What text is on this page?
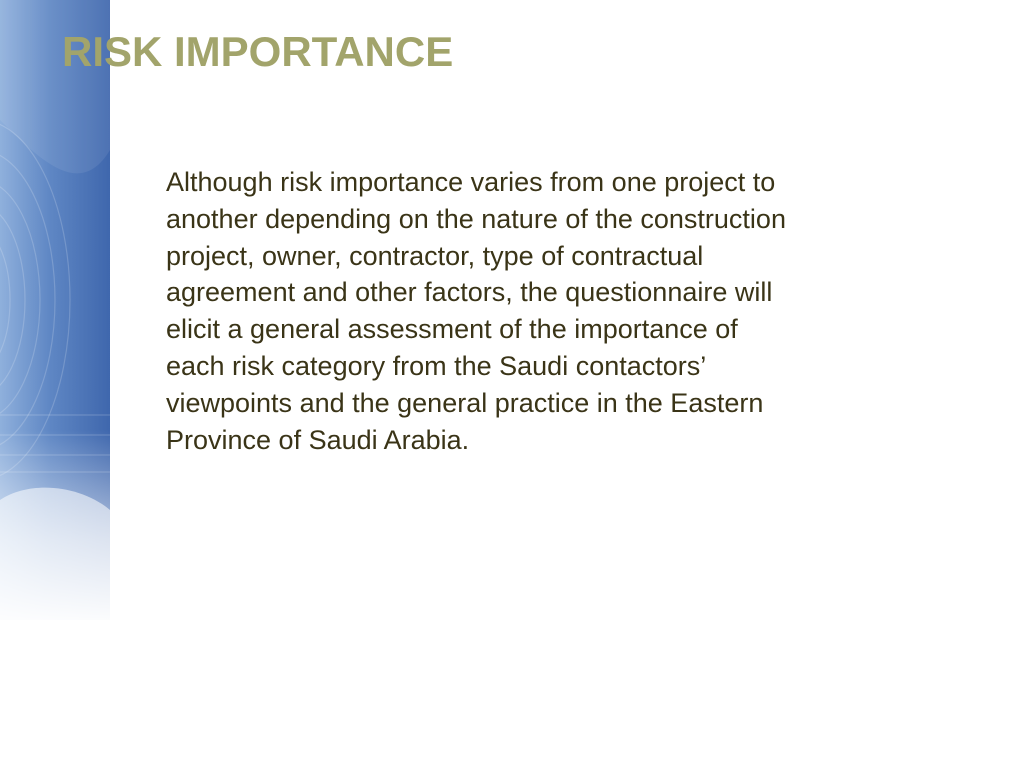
RISK IMPORTANCE

Although risk importance varies from one project to
another depending on the nature of the construction
project, owner, contractor, type of contractual
agreement and other factors, the questionnaire will
elicit a general assessment of the importance of
each risk category from the Saudi contactors’
viewpoints and the general practice in the Eastern
Province of Saudi Arabia.
